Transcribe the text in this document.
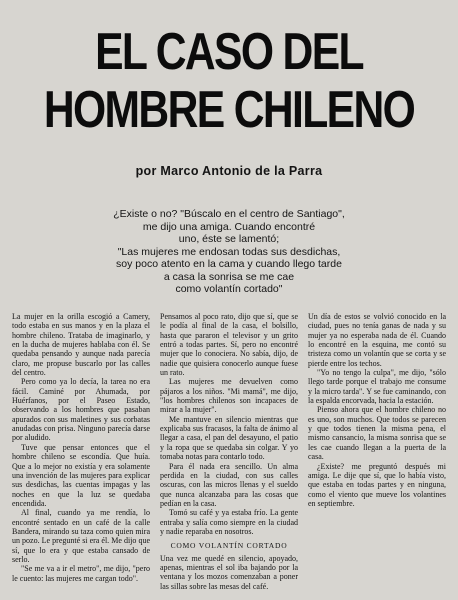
EL CASO DEL
HOMBRE CHILENO
por Marco Antonio de la Parra
¿Existe o no? "Búscalo en el centro de Santiago",
me dijo una amiga. Cuando encontré
uno, éste se lamentó;
"Las mujeres me endosan todas sus desdichas,
soy poco atento en la cama y cuando llego tarde
a casa la sonrisa se me cae
como volantín cortado"

La mujer en la orilla escogió a Camery, todo estaba en sus manos y en la plaza el hombre chileno. Trataba de imaginarlo, y en la ducha de mujeres hablaba con él. Se quedaba pensando y aunque nada parecía claro, me propuse buscarlo por las calles del centro.

Pero como ya lo decía, la tarea no era fácil. Caminé por Ahumada, por Huérfanos, por el Paseo Estado, observando a los hombres que pasaban apurados con sus maletines y sus corbatas anudadas con prisa. Ninguno parecía darse por aludido.

Tuve que pensar entonces que el hombre chileno se escondía. Que huía. Que a lo mejor no existía y era solamente una invención de las mujeres para explicar sus desdichas, las cuentas impagas y las noches en que la luz se quedaba encendida.

Al final, cuando ya me rendía, lo encontré sentado en un café de la calle Bandera, mirando su taza como quien mira un pozo. Le pregunté si era él. Me dijo que sí, que lo era y que estaba cansado de serlo.

"Se me va a ir el metro", me dijo, "pero le cuento: las mujeres me cargan todo".

Pensamos al poco rato, dijo que sí, que se le podía al final de la casa, el bolsillo, hasta que pararon el televisor y un grito entró a todas partes. Sí, pero no encontré mujer que lo conociera. No sabía, dijo, de nadie que quisiera conocerlo aunque fuese un rato.

Las mujeres me devuelven como pájaros a los niños. "Mi mamá", me dijo, "los hombres chilenos son incapaces de mirar a la mujer".

Me mantuve en silencio mientras que explicaba sus fracasos, la falta de ánimo al llegar a casa, el pan del desayuno, el patio y la ropa que se quedaba sin colgar. Y yo tomaba notas para contarlo todo.

Para él nada era sencillo. Un alma perdida en la ciudad, con sus calles oscuras, con las micros llenas y el sueldo que nunca alcanzaba para las cosas que pedían en la casa.

Tomó su café y ya estaba frío. La gente entraba y salía como siempre en la ciudad y nadie reparaba en nosotros.

COMO VOLANTÍN CORTADO

Una vez me quedé en silencio, apoyado, apenas, mientras el sol iba bajando por la ventana y los mozos comenzaban a poner las sillas sobre las mesas del café.

Un día de estos se volvió conocido en la ciudad, pues no tenía ganas de nada y su mujer ya no esperaba nada de él. Cuando lo encontré en la esquina, me contó su tristeza como un volantín que se corta y se pierde entre los techos.

"Yo no tengo la culpa", me dijo, "sólo llego tarde porque el trabajo me consume y la micro tarda". Y se fue caminando, con la espalda encorvada, hacia la estación.

Pienso ahora que el hombre chileno no es uno, son muchos. Que todos se parecen y que todos tienen la misma pena, el mismo cansancio, la misma sonrisa que se les cae cuando llegan a la puerta de la casa.

¿Existe? me preguntó después mi amiga. Le dije que sí, que lo había visto, que estaba en todas partes y en ninguna, como el viento que mueve los volantines en septiembre.
